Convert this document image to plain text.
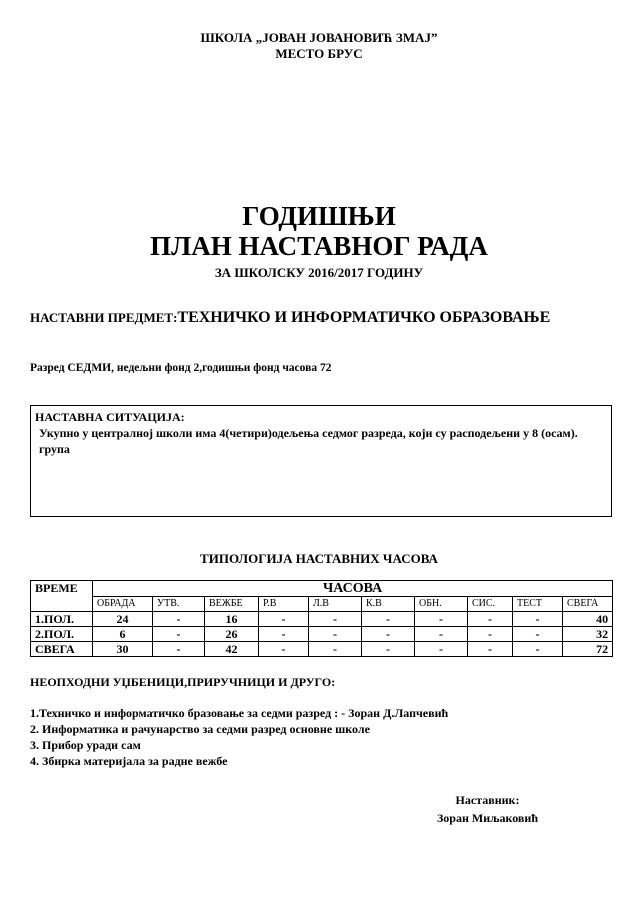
ШКОЛА „ЈОВАН ЈОВАНОВИЋ ЗМАЈ”
МЕСТО БРУС
ГОДИШЊИ
ПЛАН НАСТАВНОГ РАДА
ЗА ШКОЛСКУ 2016/2017 ГОДИНУ
НАСТАВНИ ПРЕДМЕТ:ТЕХНИЧКО И ИНФОРМАТИЧКО ОБРАЗОВАЊЕ
Разред СЕДМИ, недељни фонд 2,годишњи фонд часова 72
НАСТАВНА СИТУАЦИЈА:
Укупно у централној школи има 4(четири)одељења седмог разреда, који су расподељени у 8 (осам). група
ТИПОЛОГИЈА НАСТАВНИХ ЧАСОВА
ВРЕМЕ	ЧАСОВА									
	ОБРАДА	УТВ.	ВЕЖБЕ	Р.В	Л.В	К.В	ОБН.	СИС.	ТЕСТ	СВЕГА
1.ПОЛ.	24	-	16	-	-	-	-	-	-	40
2.ПОЛ.	6	-	26	-	-	-	-	-	-	32
СВЕГА	30	-	42	-	-	-	-	-	-	72
НЕОПХОДНИ УЏБЕНИЦИ,ПРИРУЧНИЦИ И ДРУГО:
1.Техничко и информатичко бразовање за седми разред : - Зоран Д.Лапчевић
2. Информатика и рачунарство за седми разред основне школе
3. Прибор уради сам
4. Збирка материјала за радне вежбе
Наставник:
Зоран Миљаковић
